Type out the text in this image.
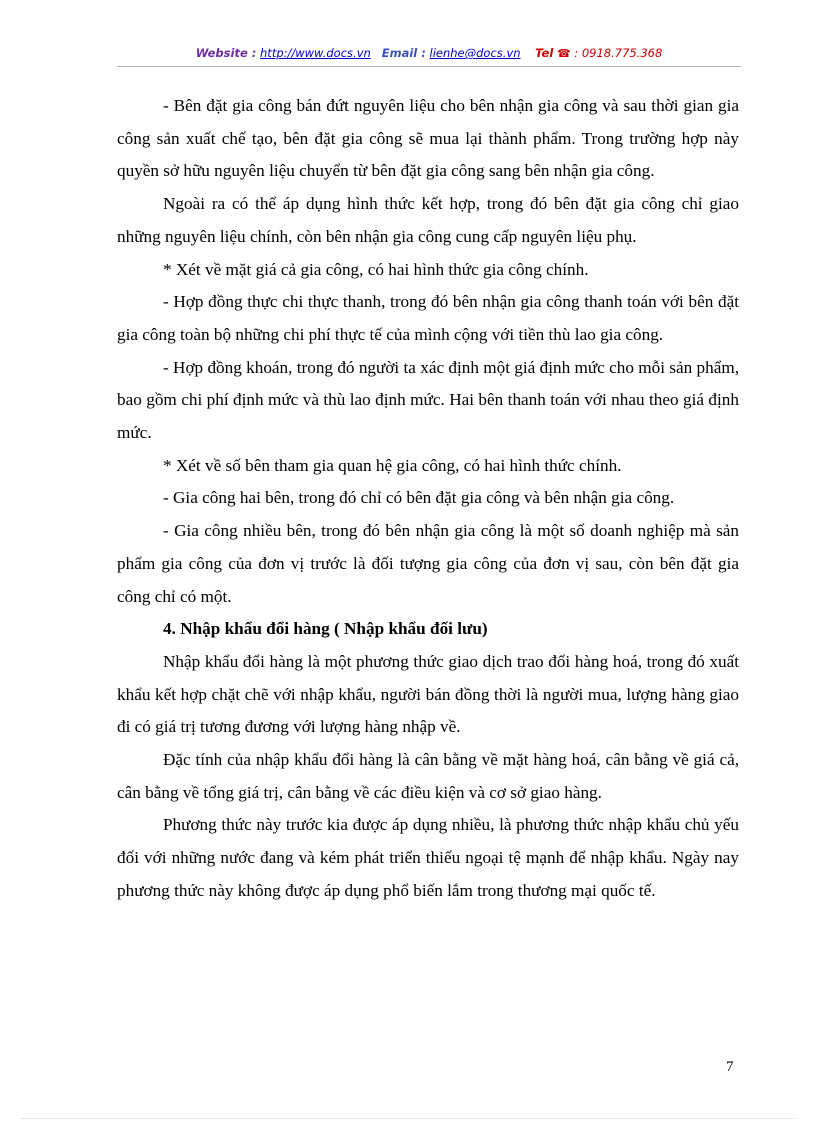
Website : http://www.docs.vn Email : lienhe@docs.vn Tel ☎ : 0918.775.368

- Bên đặt gia công bán đứt nguyên liệu cho bên nhận gia công và sau thời gian gia công sản xuất chế tạo, bên đặt gia công sẽ mua lại thành phẩm. Trong trường hợp này quyền sở hữu nguyên liệu chuyển từ bên đặt gia công sang bên nhận gia công.

Ngoài ra có thể áp dụng hình thức kết hợp, trong đó bên đặt gia công chỉ giao những nguyên liệu chính, còn bên nhận gia công cung cấp nguyên liệu phụ.

* Xét về mặt giá cả gia công, có hai hình thức gia công chính.

- Hợp đồng thực chi thực thanh, trong đó bên nhận gia công thanh toán với bên đặt gia công toàn bộ những chi phí thực tế của mình cộng với tiền thù lao gia công.

- Hợp đồng khoán, trong đó người ta xác định một giá định mức cho mỗi sản phẩm, bao gồm chi phí định mức và thù lao định mức. Hai bên thanh toán với nhau theo giá định mức.

* Xét về số bên tham gia quan hệ gia công, có hai hình thức chính.

- Gia công hai bên, trong đó chỉ có bên đặt gia công và bên nhận gia công.

- Gia công nhiều bên, trong đó bên nhận gia công là một số doanh nghiệp mà sản phẩm gia công của đơn vị trước là đối tượng gia công của đơn vị sau, còn bên đặt gia công chỉ có một.

4. Nhập khẩu đổi hàng ( Nhập khẩu đối lưu)

Nhập khẩu đổi hàng là một phương thức giao dịch trao đổi hàng hoá, trong đó xuất khẩu kết hợp chặt chẽ với nhập khẩu, người bán đồng thời là người mua, lượng hàng giao đi có giá trị tương đương với lượng hàng nhập về.

Đặc tính của nhập khẩu đổi hàng là cân bằng về mặt hàng hoá, cân bằng về giá cả, cân bằng về tổng giá trị, cân bằng về các điều kiện và cơ sở giao hàng.

Phương thức này trước kia được áp dụng nhiều, là phương thức nhập khẩu chủ yếu đối với những nước đang và kém phát triển thiếu ngoại tệ mạnh để nhập khẩu. Ngày nay phương thức này không được áp dụng phổ biến lắm trong thương mại quốc tế.

7
